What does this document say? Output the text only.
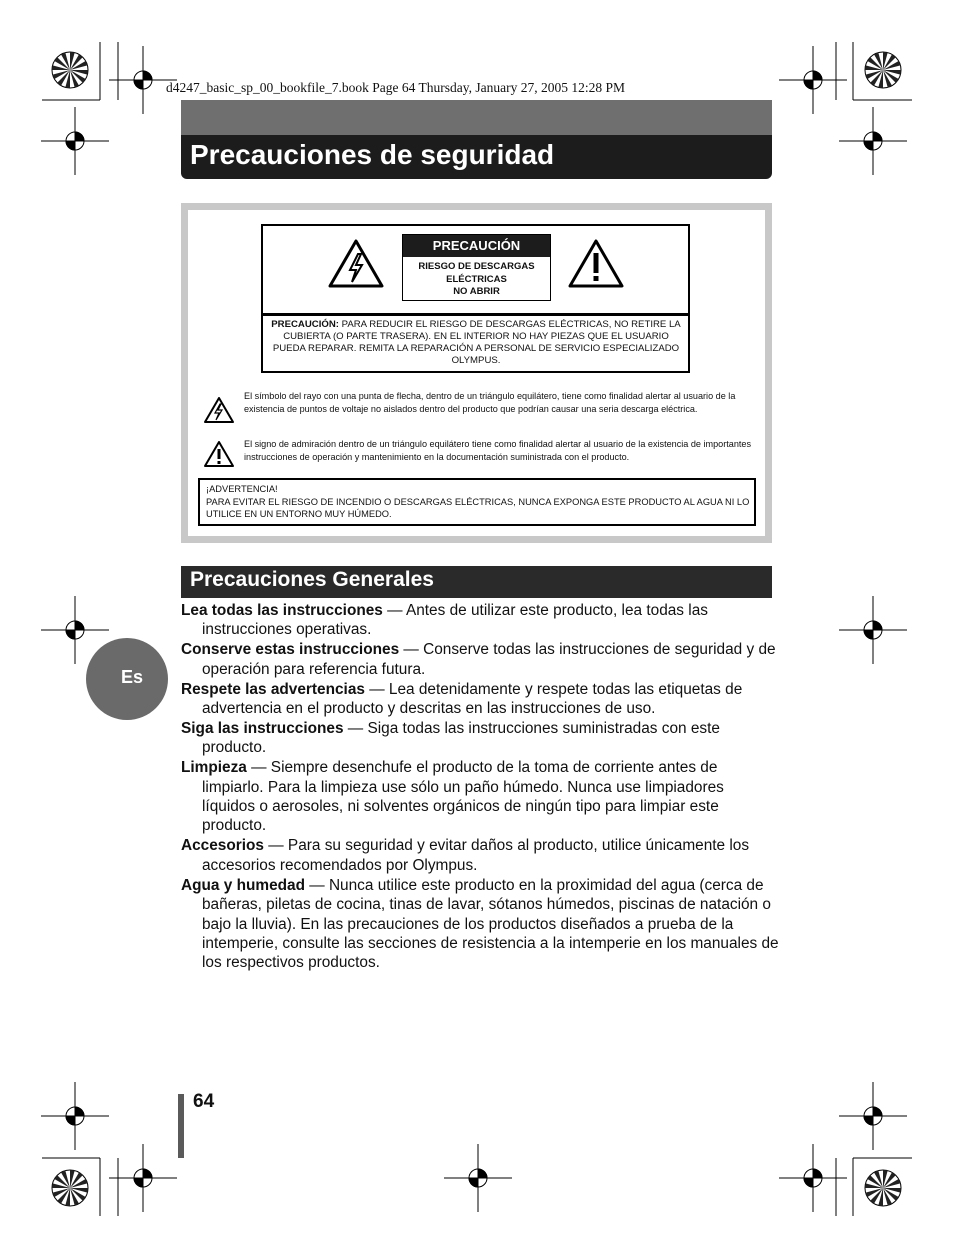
d4247_basic_sp_00_bookfile_7.book Page 64 Thursday, January 27, 2005 12:28 PM
Precauciones de seguridad
PRECAUCIÓN
RIESGO DE DESCARGAS
ELÉCTRICAS
NO ABRIR
PRECAUCIÓN: PARA REDUCIR EL RIESGO DE DESCARGAS ELÉCTRICAS, NO RETIRE LA CUBIERTA (O PARTE TRASERA). EN EL INTERIOR NO HAY PIEZAS QUE EL USUARIO PUEDA REPARAR. REMITA LA REPARACIÓN A PERSONAL DE SERVICIO ESPECIALIZADO OLYMPUS.
El símbolo del rayo con una punta de flecha, dentro de un triángulo equilátero, tiene como finalidad alertar al usuario de la existencia de puntos de voltaje no aislados dentro del producto que podrían causar una seria descarga eléctrica.
El signo de admiración dentro de un triángulo equilátero tiene como finalidad alertar al usuario de la existencia de importantes instrucciones de operación y mantenimiento en la documentación suministrada con el producto.
¡ADVERTENCIA!
PARA EVITAR EL RIESGO DE INCENDIO O DESCARGAS ELÉCTRICAS, NUNCA EXPONGA ESTE PRODUCTO AL AGUA NI LO UTILICE EN UN ENTORNO MUY HÚMEDO.
Precauciones Generales
Es
Lea todas las instrucciones — Antes de utilizar este producto, lea todas las instrucciones operativas.
Conserve estas instrucciones — Conserve todas las instrucciones de seguridad y de operación para referencia futura.
Respete las advertencias — Lea detenidamente y respete todas las etiquetas de advertencia en el producto y descritas en las instrucciones de uso.
Siga las instrucciones — Siga todas las instrucciones suministradas con este producto.
Limpieza — Siempre desenchufe el producto de la toma de corriente antes de limpiarlo. Para la limpieza use sólo un paño húmedo. Nunca use limpiadores líquidos o aerosoles, ni solventes orgánicos de ningún tipo para limpiar este producto.
Accesorios — Para su seguridad y evitar daños al producto, utilice únicamente los accesorios recomendados por Olympus.
Agua y humedad — Nunca utilice este producto en la proximidad del agua (cerca de bañeras, piletas de cocina, tinas de lavar, sótanos húmedos, piscinas de natación o bajo la lluvia). En las precauciones de los productos diseñados a prueba de la intemperie, consulte las secciones de resistencia a la intemperie en los manuales de los respectivos productos.
64
